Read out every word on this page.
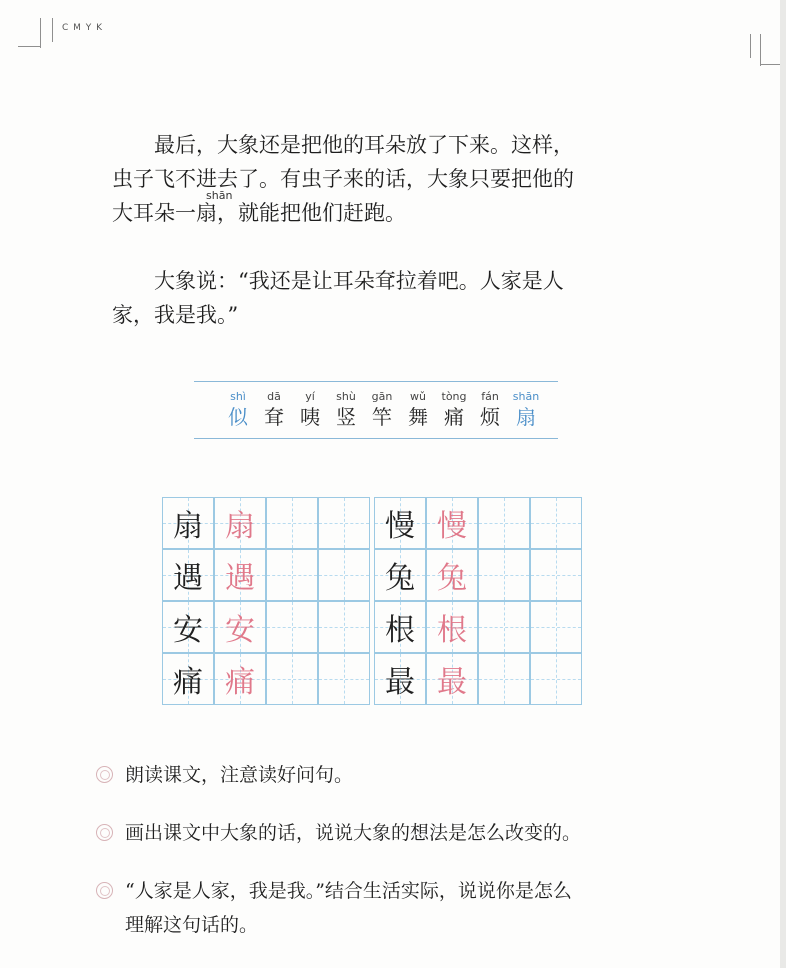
C M Y K
　　最后，大象还是把他的耳朵放了下来。这样，
虫子飞不进去了。有虫子来的话，大象只要把他的
shān
大耳朵一扇，就能把他们赶跑。
　　大象说：“我还是让耳朵耷拉着吧。人家是人
家，我是我。”
shì
似
dā
耷
yí
咦
shù
竖
gān
竿
wǔ
舞
tòng
痛
fán
烦
shān
扇
扇 扇
遇 遇
安 安
痛 痛
慢 慢
兔 兔
根 根
最 最
朗读课文，注意读好问句。
画出课文中大象的话，说说大象的想法是怎么改变的。
“人家是人家，我是我。”结合生活实际，说说你是怎么
理解这句话的。
